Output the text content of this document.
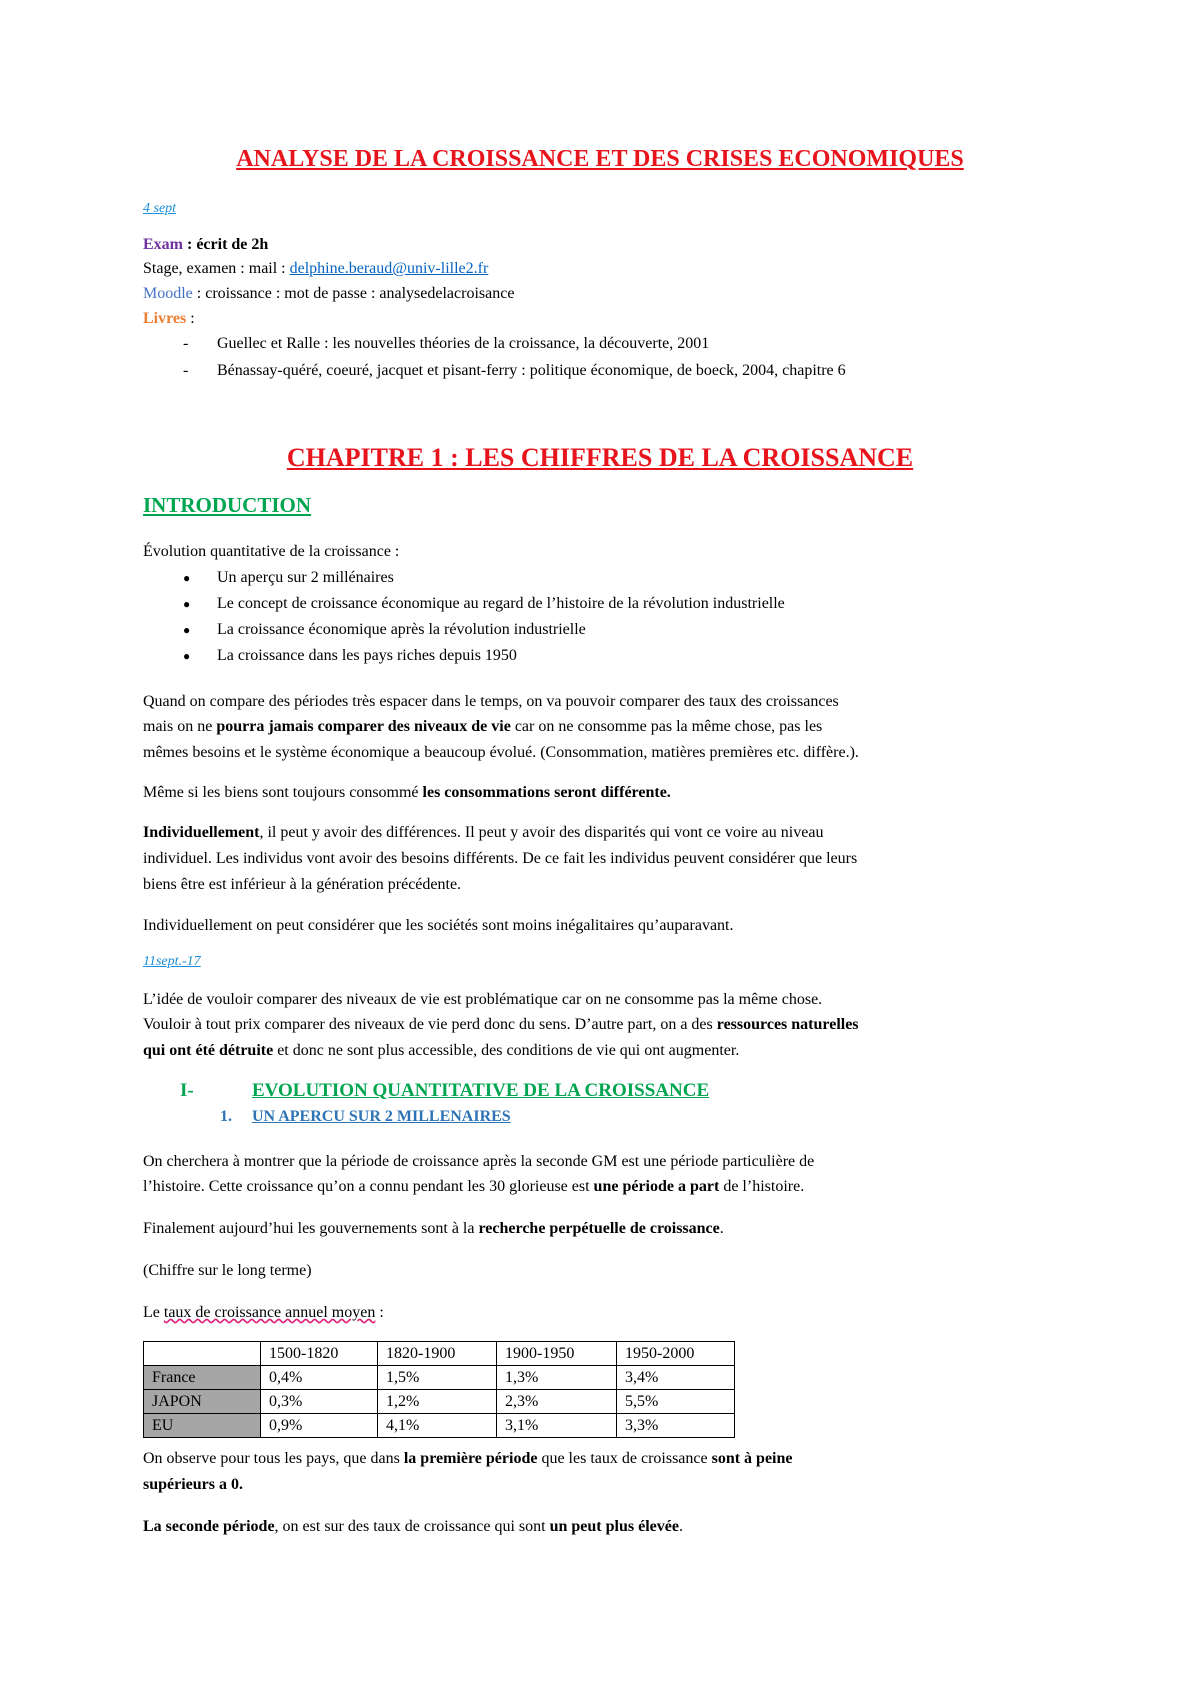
ANALYSE DE LA CROISSANCE ET DES CRISES ECONOMIQUES
4 sept
Exam : écrit de 2h
Stage, examen : mail : delphine.beraud@univ-lille2.fr
Moodle : croissance : mot de passe : analysedelacroisance
Livres :
- Guellec et Ralle : les nouvelles théories de la croissance, la découverte, 2001
- Bénassay-quéré, coeuré, jacquet et pisant-ferry : politique économique, de boeck, 2004, chapitre 6
CHAPITRE 1 : LES CHIFFRES DE LA CROISSANCE
INTRODUCTION
Évolution quantitative de la croissance :
● Un aperçu sur 2 millénaires
● Le concept de croissance économique au regard de l’histoire de la révolution industrielle
● La croissance économique après la révolution industrielle
● La croissance dans les pays riches depuis 1950
Quand on compare des périodes très espacer dans le temps, on va pouvoir comparer des taux des croissances
mais on ne pourra jamais comparer des niveaux de vie car on ne consomme pas la même chose, pas les
mêmes besoins et le système économique a beaucoup évolué. (Consommation, matières premières etc. diffère.).
Même si les biens sont toujours consommé les consommations seront différente.
Individuellement, il peut y avoir des différences. Il peut y avoir des disparités qui vont ce voire au niveau
individuel. Les individus vont avoir des besoins différents. De ce fait les individus peuvent considérer que leurs
biens être est inférieur à la génération précédente.
Individuellement on peut considérer que les sociétés sont moins inégalitaires qu’auparavant.
11sept.-17
L’idée de vouloir comparer des niveaux de vie est problématique car on ne consomme pas la même chose.
Vouloir à tout prix comparer des niveaux de vie perd donc du sens. D’autre part, on a des ressources naturelles
qui ont été détruite et donc ne sont plus accessible, des conditions de vie qui ont augmenter.
I-	EVOLUTION QUANTITATIVE DE LA CROISSANCE
1. UN APERCU SUR 2 MILLENAIRES
On cherchera à montrer que la période de croissance après la seconde GM est une période particulière de
l’histoire. Cette croissance qu’on a connu pendant les 30 glorieuse est une période a part de l’histoire.
Finalement aujourd’hui les gouvernements sont à la recherche perpétuelle de croissance.
(Chiffre sur le long terme)
Le taux de croissance annuel moyen :
	1500-1820	1820-1900	1900-1950	1950-2000
France	0,4%	1,5%	1,3%	3,4%
JAPON	0,3%	1,2%	2,3%	5,5%
EU	0,9%	4,1%	3,1%	3,3%
On observe pour tous les pays, que dans la première période que les taux de croissance sont à peine
supérieurs a 0.
La seconde période, on est sur des taux de croissance qui sont un peut plus élevée.
